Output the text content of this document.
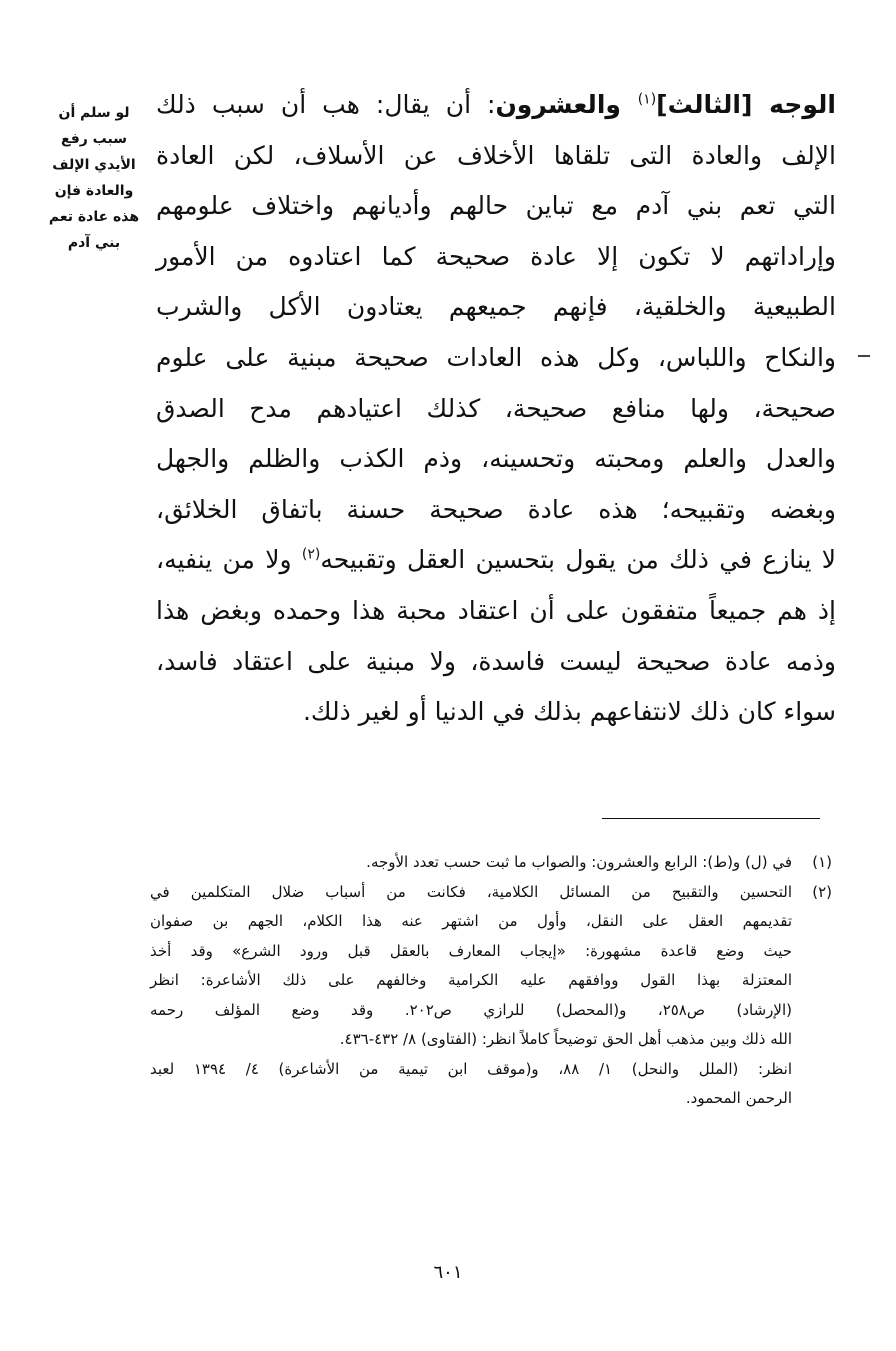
لو سلم أن
سبب رفع
الأيدي الإلف
والعادة فإن
هذه عادة تعم
بني آدم
الوجه [الثالث]$^{(١)}$ والعشرون: أن يقال: هب أن سبب ذلك
الإلف والعادة التى تلقاها الأخلاف عن الأسلاف، لكن العادة
التي تعم بني آدم مع تباين حالهم وأديانهم واختلاف علومهم
وإراداتهم لا تكون إلا عادة صحيحة كما اعتادوه من الأمور
الطبيعية والخلقية، فإنهم جميعهم يعتادون الأكل والشرب
والنكاح واللباس، وكل هذه العادات صحيحة مبنية على علوم
صحيحة، ولها منافع صحيحة، كذلك اعتيادهم مدح الصدق
والعدل والعلم ومحبته وتحسينه، وذم الكذب والظلم والجهل
وبغضه وتقبيحه؛ هذه عادة صحيحة حسنة باتفاق الخلائق،
لا ينازع في ذلك من يقول بتحسين العقل وتقبيحه$^{(٢)}$ ولا من ينفيه،
إذ هم جميعاً متفقون على أن اعتقاد محبة هذا وحمده وبغض هذا
وذمه عادة صحيحة ليست فاسدة، ولا مبنية على اعتقاد فاسد،
سواء كان ذلك لانتفاعهم بذلك في الدنيا أو لغير ذلك.
(١)
في (ل) و(ط): الرابع والعشرون: والصواب ما ثبت حسب تعدد الأوجه.
(٢)
التحسين والتقبيح من المسائل الكلامية، فكانت من أسباب ضلال المتكلمين في
تقديمهم العقل على النقل، وأول من اشتهر عنه هذا الكلام، الجهم بن صفوان
حيث وضع قاعدة مشهورة: «إيجاب المعارف بالعقل قبل ورود الشرع» وقد أخذ
المعتزلة بهذا القول ووافقهم عليه الكرامية وخالفهم على ذلك الأشاعرة: انظر
(الإرشاد) ص٢٥٨، و(المحصل) للرازي ص٢٠٢. وقد وضع المؤلف رحمه
الله ذلك وبين مذهب أهل الحق توضيحاً كاملاً انظر: (الفتاوى) ٨/ ٤٣٢-٤٣٦.
انظر: (الملل والنحل) ١/ ٨٨، و(موقف ابن تيمية من الأشاعرة) ٤/ ١٣٩٤ لعبد
الرحمن المحمود.
٦٠١
